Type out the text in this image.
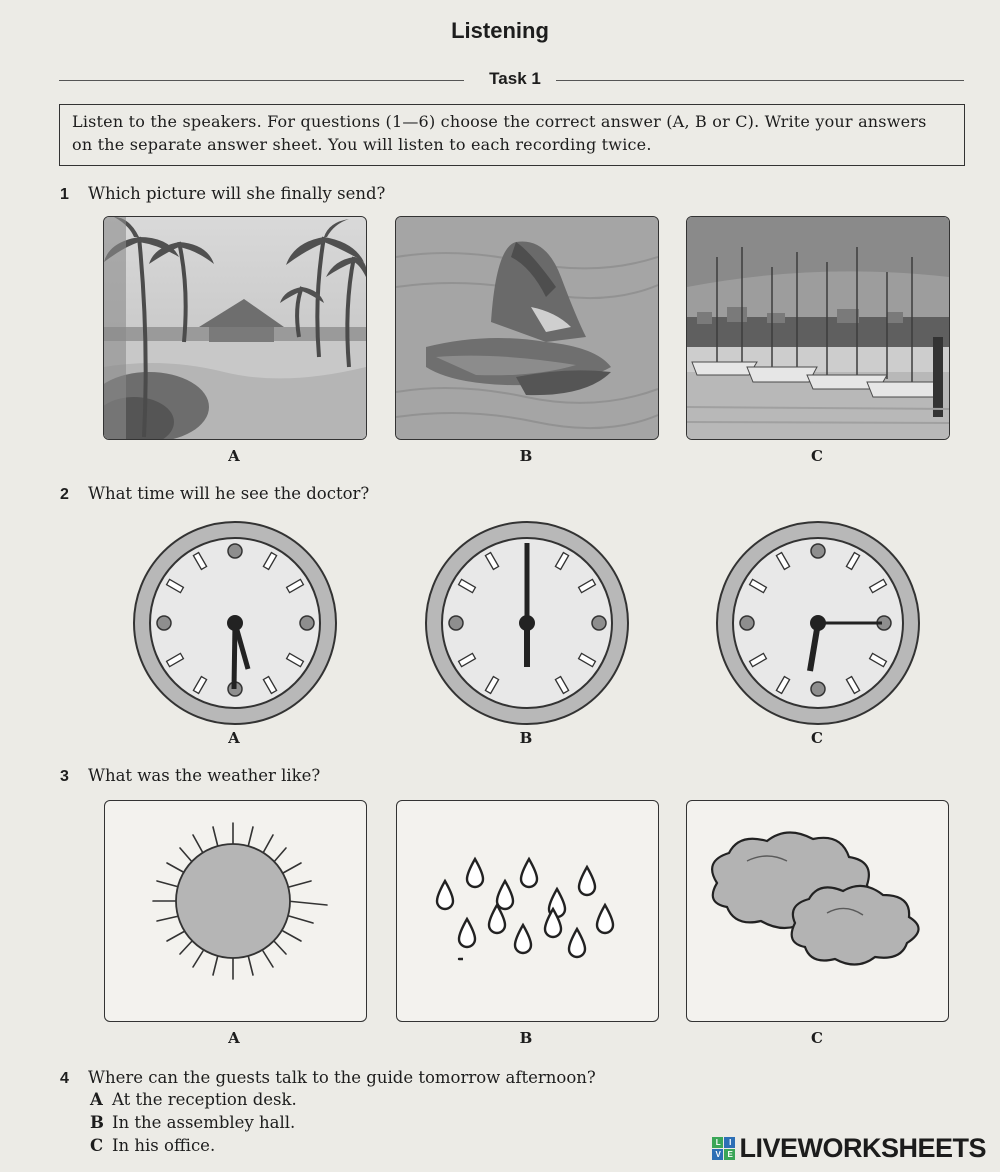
Listening
Task 1
Listen to the speakers. For questions (1—6) choose the correct answer (A, B or C). Write your answers on the separate answer sheet. You will listen to each recording twice.
1 Which picture will she finally send?
A	B	C
2 What time will he see the doctor?
A	B	C
3 What was the weather like?
A	B	C
4 Where can the guests talk to the guide tomorrow afternoon?
A At the reception desk.
B In the assembley hall.
C In his office.	L	I
V E LIVEWORKSHEETS
